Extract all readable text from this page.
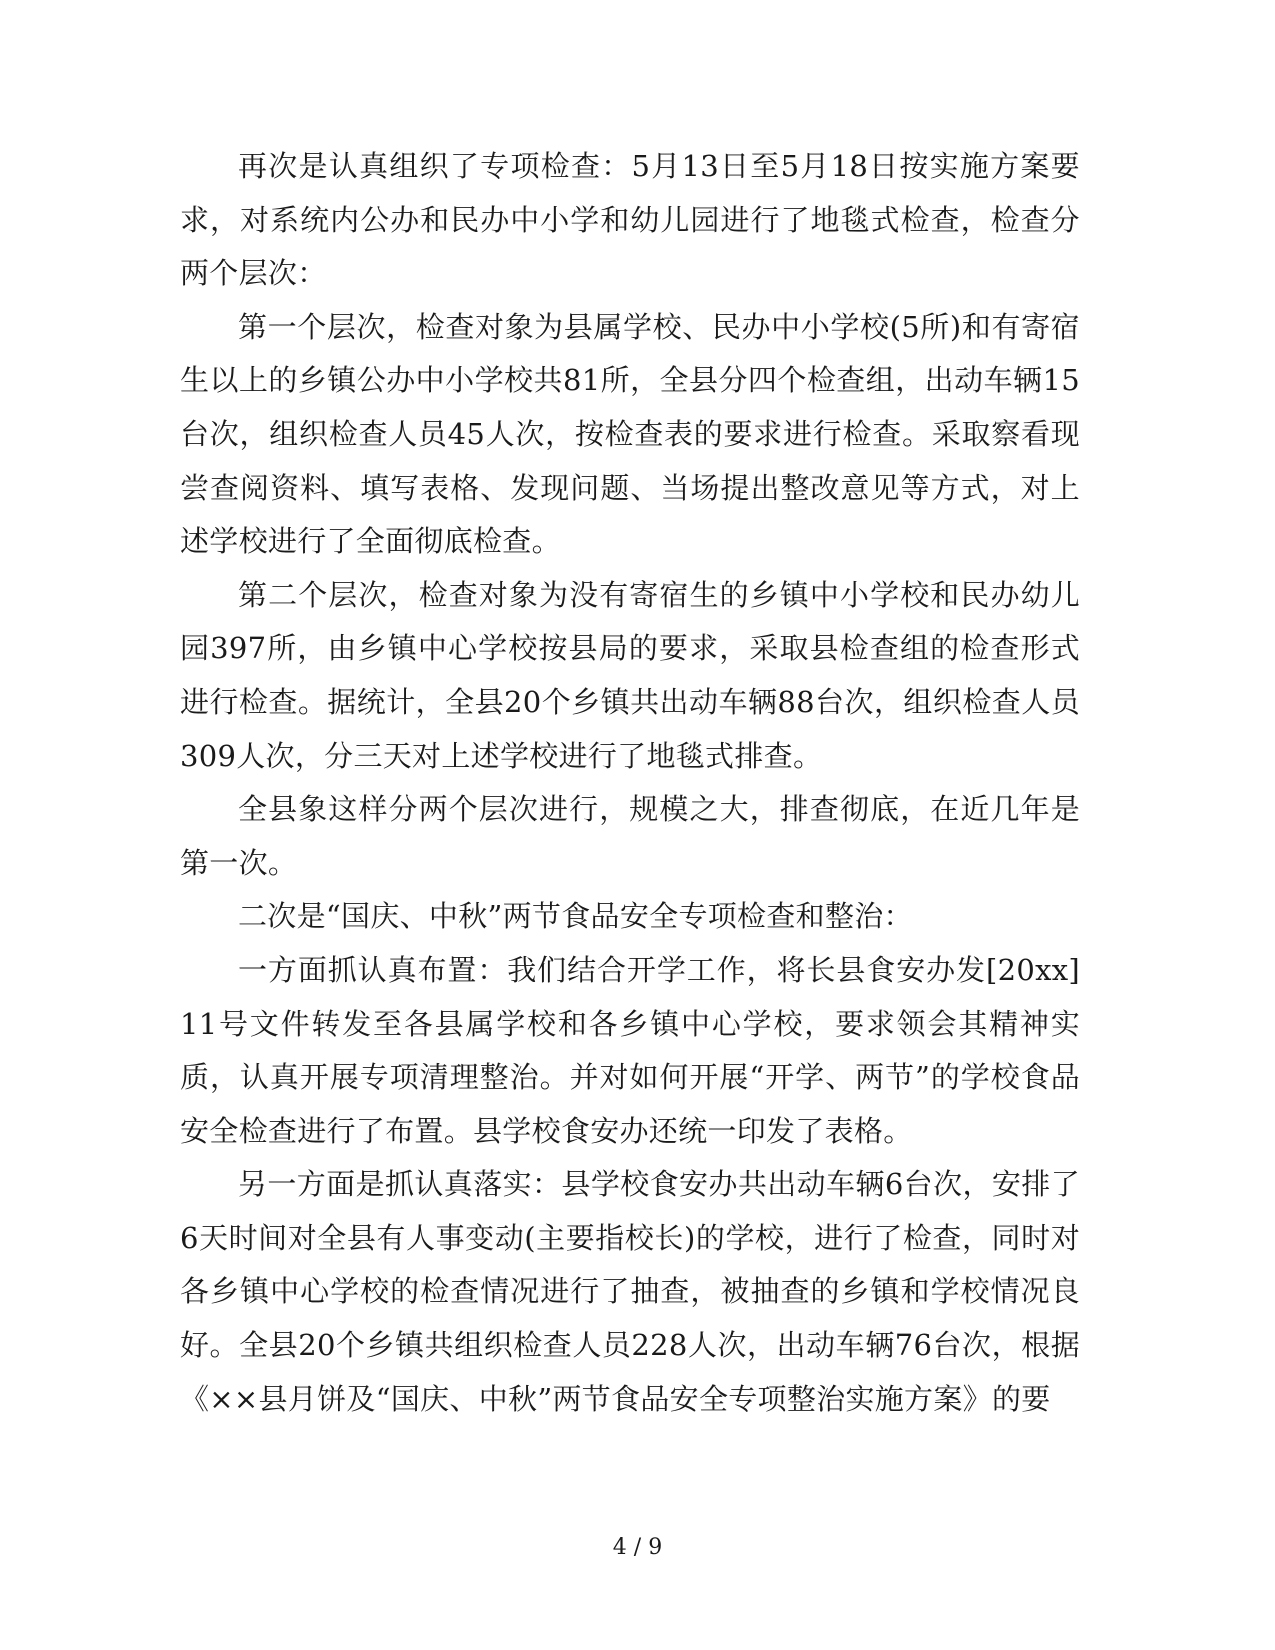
再次是认真组织了专项检查：5月13日至5月18日按实施方案要求，对系统内公办和民办中小学和幼儿园进行了地毯式检查，检查分两个层次：

第一个层次，检查对象为县属学校、民办中小学校(5所)和有寄宿生以上的乡镇公办中小学校共81所，全县分四个检查组，出动车辆15台次，组织检查人员45人次，按检查表的要求进行检查。采取察看现尝查阅资料、填写表格、发现问题、当场提出整改意见等方式，对上述学校进行了全面彻底检查。

第二个层次，检查对象为没有寄宿生的乡镇中小学校和民办幼儿园397所，由乡镇中心学校按县局的要求，采取县检查组的检查形式进行检查。据统计，全县20个乡镇共出动车辆88台次，组织检查人员309人次，分三天对上述学校进行了地毯式排查。

全县象这样分两个层次进行，规模之大，排查彻底，在近几年是第一次。

二次是“国庆、中秋”两节食品安全专项检查和整治：

一方面抓认真布置：我们结合开学工作，将长县食安办发[20xx]11号文件转发至各县属学校和各乡镇中心学校，要求领会其精神实质，认真开展专项清理整治。并对如何开展“开学、两节”的学校食品安全检查进行了布置。县学校食安办还统一印发了表格。

另一方面是抓认真落实：县学校食安办共出动车辆6台次，安排了6天时间对全县有人事变动(主要指校长)的学校，进行了检查，同时对各乡镇中心学校的检查情况进行了抽查，被抽查的乡镇和学校情况良好。全县20个乡镇共组织检查人员228人次，出动车辆76台次，根据《××县月饼及“国庆、中秋”两节食品安全专项整治实施方案》的要

4 / 9
